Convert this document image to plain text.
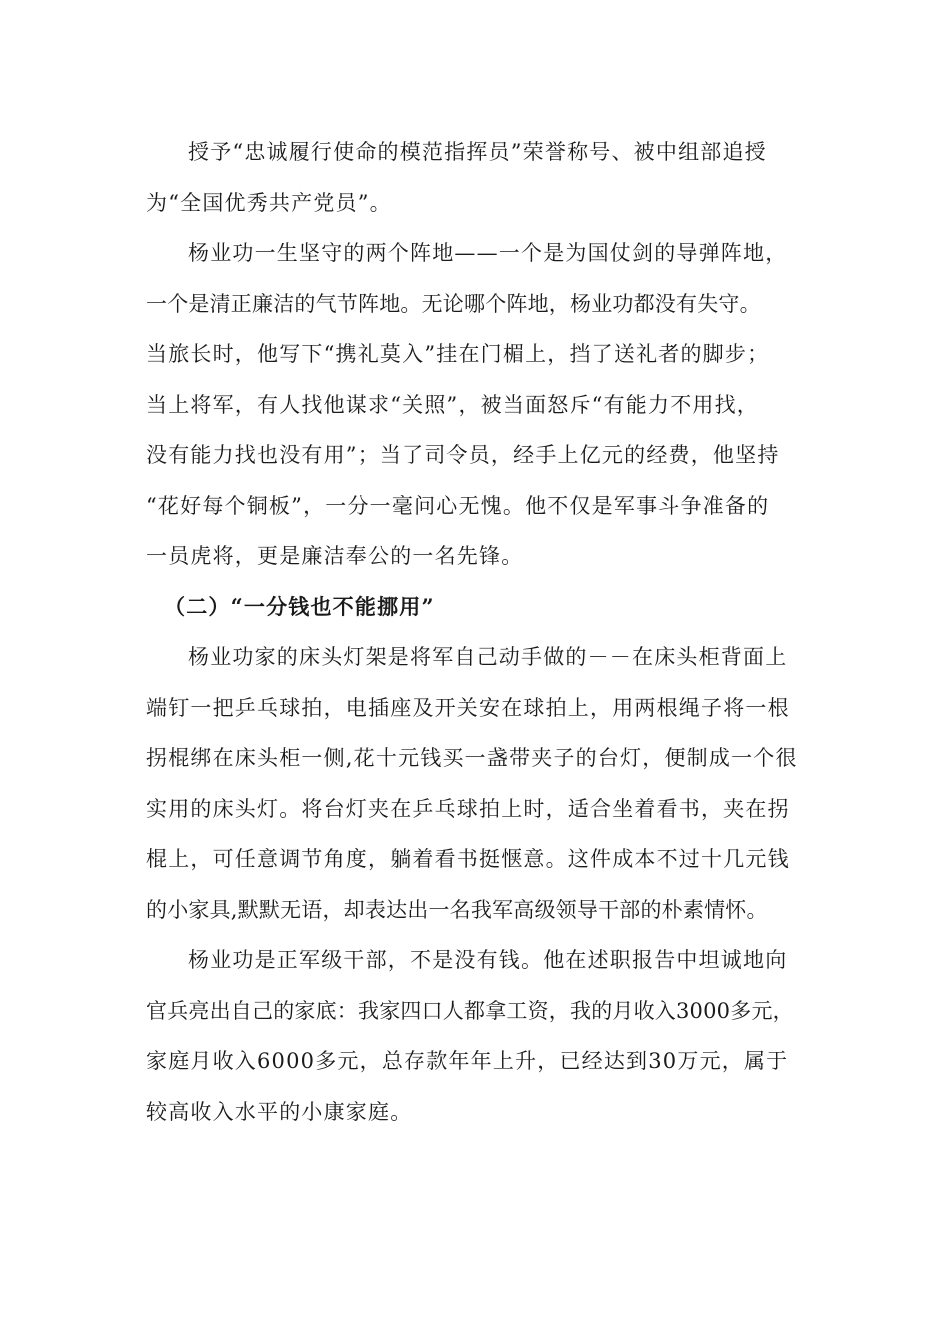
授予“忠诚履行使命的模范指挥员”荣誉称号、被中组部追授
为“全国优秀共产党员”。
杨业功一生坚守的两个阵地——一个是为国仗剑的导弹阵地，
一个是清正廉洁的气节阵地。无论哪个阵地，杨业功都没有失守。
当旅长时，他写下“携礼莫入”挂在门楣上，挡了送礼者的脚步；
当上将军，有人找他谋求“关照”，被当面怒斥“有能力不用找，
没有能力找也没有用”；当了司令员，经手上亿元的经费，他坚持
“花好每个铜板”，一分一毫问心无愧。他不仅是军事斗争准备的
一员虎将，更是廉洁奉公的一名先锋。
（二）“一分钱也不能挪用”
杨业功家的床头灯架是将军自己动手做的－－在床头柜背面上
端钉一把乒乓球拍，电插座及开关安在球拍上，用两根绳子将一根
拐棍绑在床头柜一侧,花十元钱买一盏带夹子的台灯，便制成一个很
实用的床头灯。将台灯夹在乒乓球拍上时，适合坐着看书，夹在拐
棍上，可任意调节角度，躺着看书挺惬意。这件成本不过十几元钱
的小家具,默默无语，却表达出一名我军高级领导干部的朴素情怀。
杨业功是正军级干部，不是没有钱。他在述职报告中坦诚地向
官兵亮出自己的家底：我家四口人都拿工资，我的月收入3000多元，
家庭月收入6000多元，总存款年年上升，已经达到30万元，属于
较高收入水平的小康家庭。
